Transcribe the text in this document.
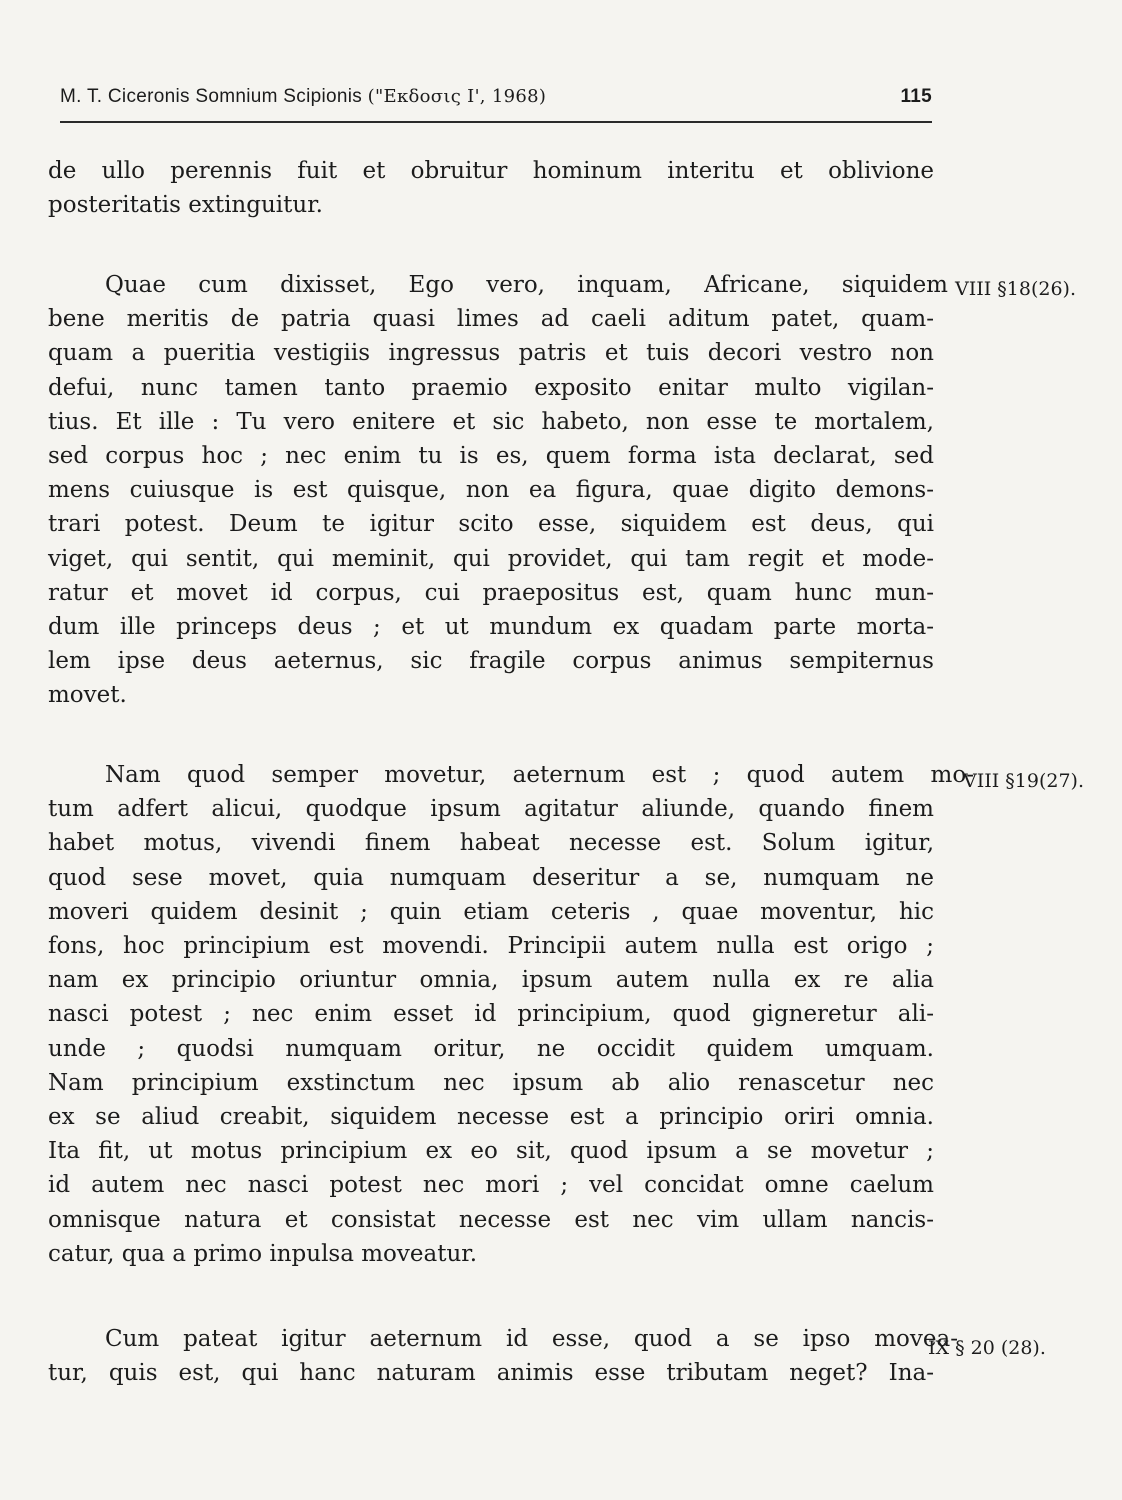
M. T. Ciceronis Somnium Scipionis ("Εκδοσις Ι', 1968)	115
de ullo perennis fuit et obruitur hominum interitu et oblivione
posteritatis extinguitur.
Quae cum dixisset, Ego vero, inquam, Africane, siquidem
bene meritis de patria quasi limes ad caeli aditum patet, quam-
quam a pueritia vestigiis ingressus patris et tuis decori vestro non
defui, nunc tamen tanto praemio exposito enitar multo vigilan-
tius. Et ille : Tu vero enitere et sic habeto, non esse te mortalem,
sed corpus hoc ; nec enim tu is es, quem forma ista declarat, sed
mens cuiusque is est quisque, non ea figura, quae digito demons-
trari potest. Deum te igitur scito esse, siquidem est deus, qui
viget, qui sentit, qui meminit, qui providet, qui tam regit et mode-
ratur et movet id corpus, cui praepositus est, quam hunc mun-
dum ille princeps deus ; et ut mundum ex quadam parte morta-
lem ipse deus aeternus, sic fragile corpus animus sempiternus
movet.
VIII §18(26).
Nam quod semper movetur, aeternum est ; quod autem mo-
tum adfert alicui, quodque ipsum agitatur aliunde, quando finem
habet motus, vivendi finem habeat necesse est. Solum igitur,
quod sese movet, quia numquam deseritur a se, numquam ne
moveri quidem desinit ; quin etiam ceteris , quae moventur, hic
fons, hoc principium est movendi. Principii autem nulla est origo ;
nam ex principio oriuntur omnia, ipsum autem nulla ex re alia
nasci potest ; nec enim esset id principium, quod gigneretur ali-
unde ; quodsi numquam oritur, ne occidit quidem umquam.
Nam principium exstinctum nec ipsum ab alio renascetur nec
ex se aliud creabit, siquidem necesse est a principio oriri omnia.
Ita fit, ut motus principium ex eo sit, quod ipsum a se movetur ;
id autem nec nasci potest nec mori ; vel concidat omne caelum
omnisque natura et consistat necesse est nec vim ullam nancis-
catur, qua a primo inpulsa moveatur.
VIII §19(27).
Cum pateat igitur aeternum id esse, quod a se ipso movea-
tur, quis est, qui hanc naturam animis esse tributam neget? Ina-
IX § 20 (28).
